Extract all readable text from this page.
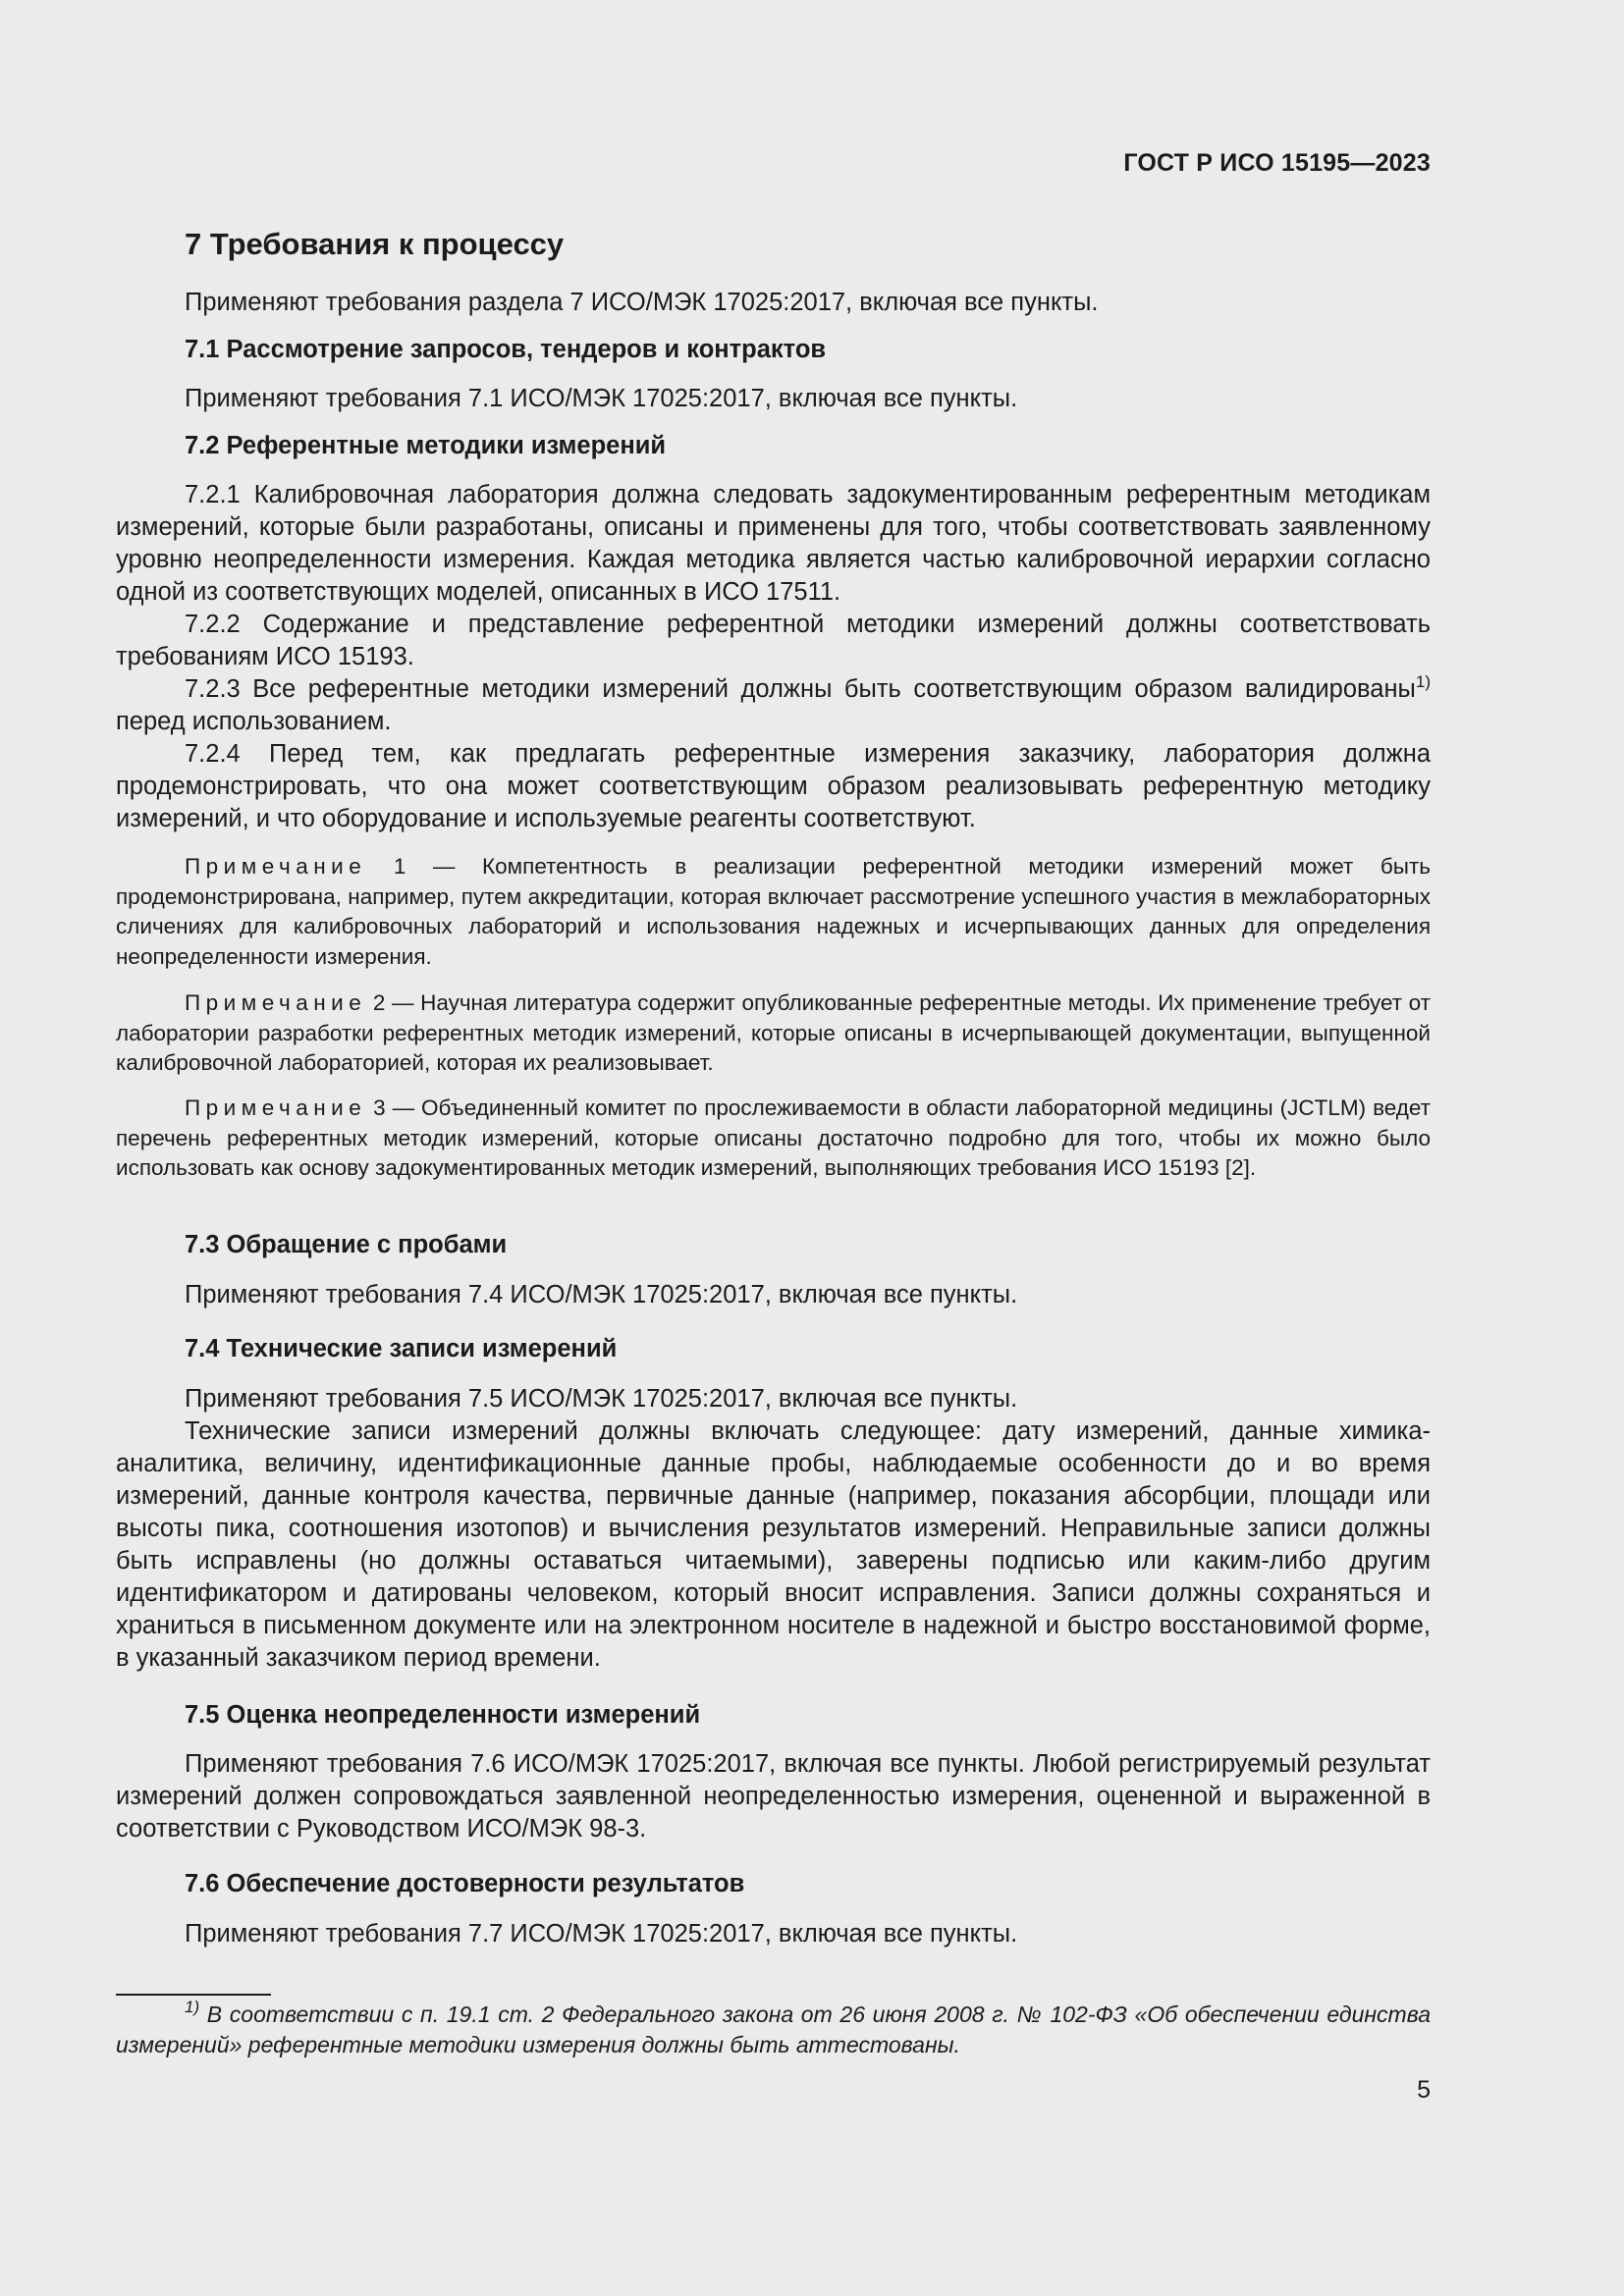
ГОСТ Р ИСО 15195—2023
7 Требования к процессу

Применяют требования раздела 7 ИСО/МЭК 17025:2017, включая все пункты.

7.1 Рассмотрение запросов, тендеров и контрактов

Применяют требования 7.1 ИСО/МЭК 17025:2017, включая все пункты.

7.2 Референтные методики измерений

7.2.1 Калибровочная лаборатория должна следовать задокументированным референтным методикам измерений, которые были разработаны, описаны и применены для того, чтобы соответствовать заявленному уровню неопределенности измерения. Каждая методика является частью калибровочной иерархии согласно одной из соответствующих моделей, описанных в ИСО 17511.

7.2.2 Содержание и представление референтной методики измерений должны соответствовать требованиям ИСО 15193.

7.2.3 Все референтные методики измерений должны быть соответствующим образом валидированы$^{1)}$ перед использованием.

7.2.4 Перед тем, как предлагать референтные измерения заказчику, лаборатория должна продемонстрировать, что она может соответствующим образом реализовывать референтную методику измерений, и что оборудование и используемые реагенты соответствуют.

Примечание 1 — Компетентность в реализации референтной методики измерений может быть продемонстрирована, например, путем аккредитации, которая включает рассмотрение успешного участия в межлабораторных сличениях для калибровочных лабораторий и использования надежных и исчерпывающих данных для определения неопределенности измерения.

Примечание 2 — Научная литература содержит опубликованные референтные методы. Их применение требует от лаборатории разработки референтных методик измерений, которые описаны в исчерпывающей документации, выпущенной калибровочной лабораторией, которая их реализовывает.

Примечание 3 — Объединенный комитет по прослеживаемости в области лабораторной медицины (JCTLM) ведет перечень референтных методик измерений, которые описаны достаточно подробно для того, чтобы их можно было использовать как основу задокументированных методик измерений, выполняющих требования ИСО 15193 [2].

7.3 Обращение с пробами

Применяют требования 7.4 ИСО/МЭК 17025:2017, включая все пункты.

7.4 Технические записи измерений

Применяют требования 7.5 ИСО/МЭК 17025:2017, включая все пункты.

Технические записи измерений должны включать следующее: дату измерений, данные химика-аналитика, величину, идентификационные данные пробы, наблюдаемые особенности до и во время измерений, данные контроля качества, первичные данные (например, показания абсорбции, площади или высоты пика, соотношения изотопов) и вычисления результатов измерений. Неправильные записи должны быть исправлены (но должны оставаться читаемыми), заверены подписью или каким-либо другим идентификатором и датированы человеком, который вносит исправления. Записи должны сохраняться и храниться в письменном документе или на электронном носителе в надежной и быстро восстановимой форме, в указанный заказчиком период времени.

7.5 Оценка неопределенности измерений

Применяют требования 7.6 ИСО/МЭК 17025:2017, включая все пункты. Любой регистрируемый результат измерений должен сопровождаться заявленной неопределенностью измерения, оцененной и выраженной в соответствии с Руководством ИСО/МЭК 98-3.

7.6 Обеспечение достоверности результатов

Применяют требования 7.7 ИСО/МЭК 17025:2017, включая все пункты.

$^{1)}$ В соответствии с п. 19.1 ст. 2 Федерального закона от 26 июня 2008 г. № 102-ФЗ «Об обеспечении единства измерений» референтные методики измерения должны быть аттестованы.

5
